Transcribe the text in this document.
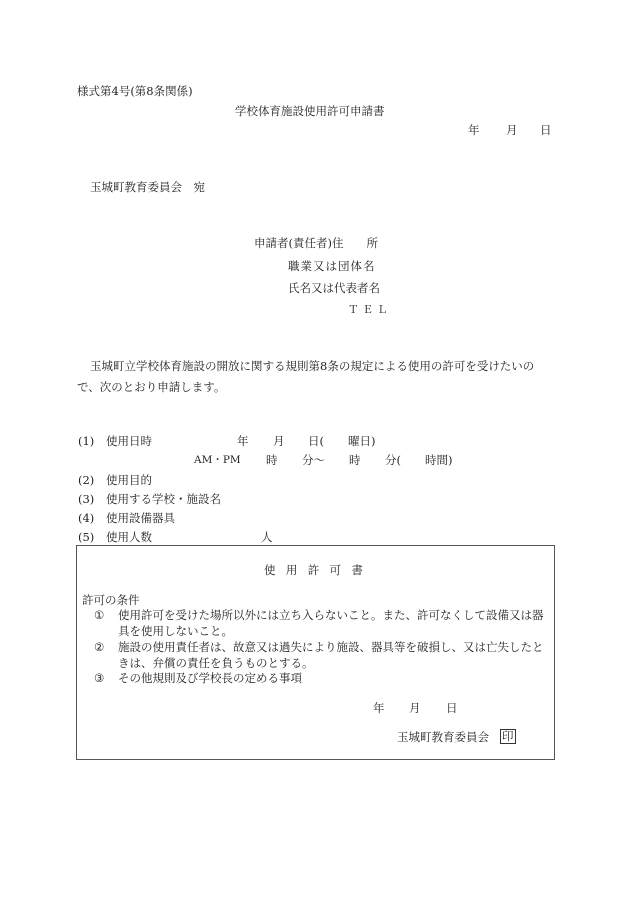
様式第4号(第8条関係)
学校体育施設使用許可申請書
年 月 日
玉城町教育委員会　宛
申請者(責任者)住　　所
職業又は団体名
氏名又は代表者名
ＴＥＬ
玉城町立学校体育施設の開放に関する規則第8条の規定による使用の許可を受けたいの
で、次のとおり申請します。
(1) 使用日時	年 月 日( 曜日)
AM・PM 時 分～ 時 分( 時間)
(2) 使用目的
(3) 使用する学校・施設名
(4) 使用設備器具
(5) 使用人数	人
使用許可書
許可の条件
① 使用許可を受けた場所以外には立ち入らないこと。また、許可なくして設備又は器
具を使用しないこと。
② 施設の使用責任者は、故意又は過失により施設、器具等を破損し、又は亡失したと
きは、弁償の責任を負うものとする。
③ その他規則及び学校長の定める事項
年 月 日
玉城町教育委員会 印
